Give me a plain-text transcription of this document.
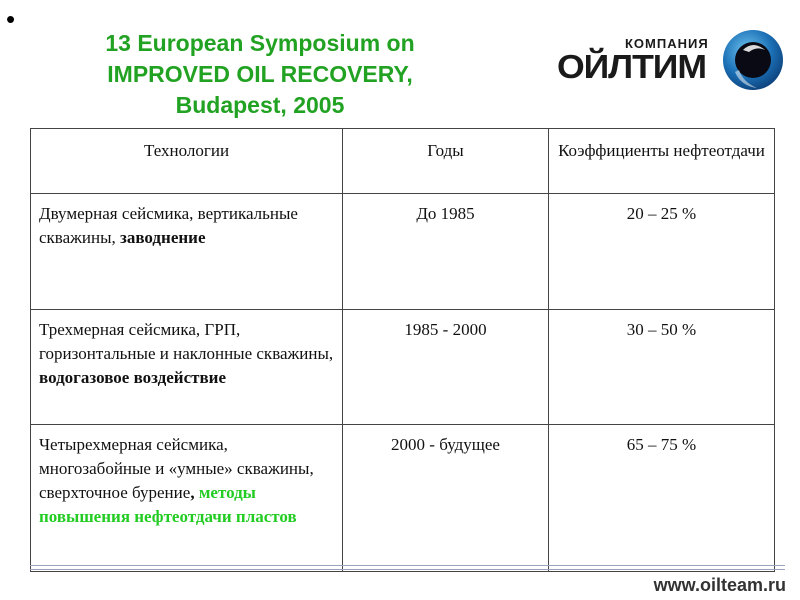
•
13 European Symposium on
IMPROVED OIL RECOVERY,
Budapest, 2005
КОМПАНИЯ
ОЙЛТИМ
Технологии	Годы	Коэффициенты нефтеотдачи
Двумерная сейсмика, вертикальные скважины, заводнение	До 1985	20 – 25 %
Трехмерная сейсмика, ГРП, горизонтальные и наклонные скважины, водогазовое воздействие	1985 - 2000	30 – 50 %
Четырехмерная сейсмика, многозабойные и «умные» скважины, сверхточное бурение, методы повышения нефтеотдачи пластов	2000 - будущее	65 – 75 %
www.oilteam.ru
